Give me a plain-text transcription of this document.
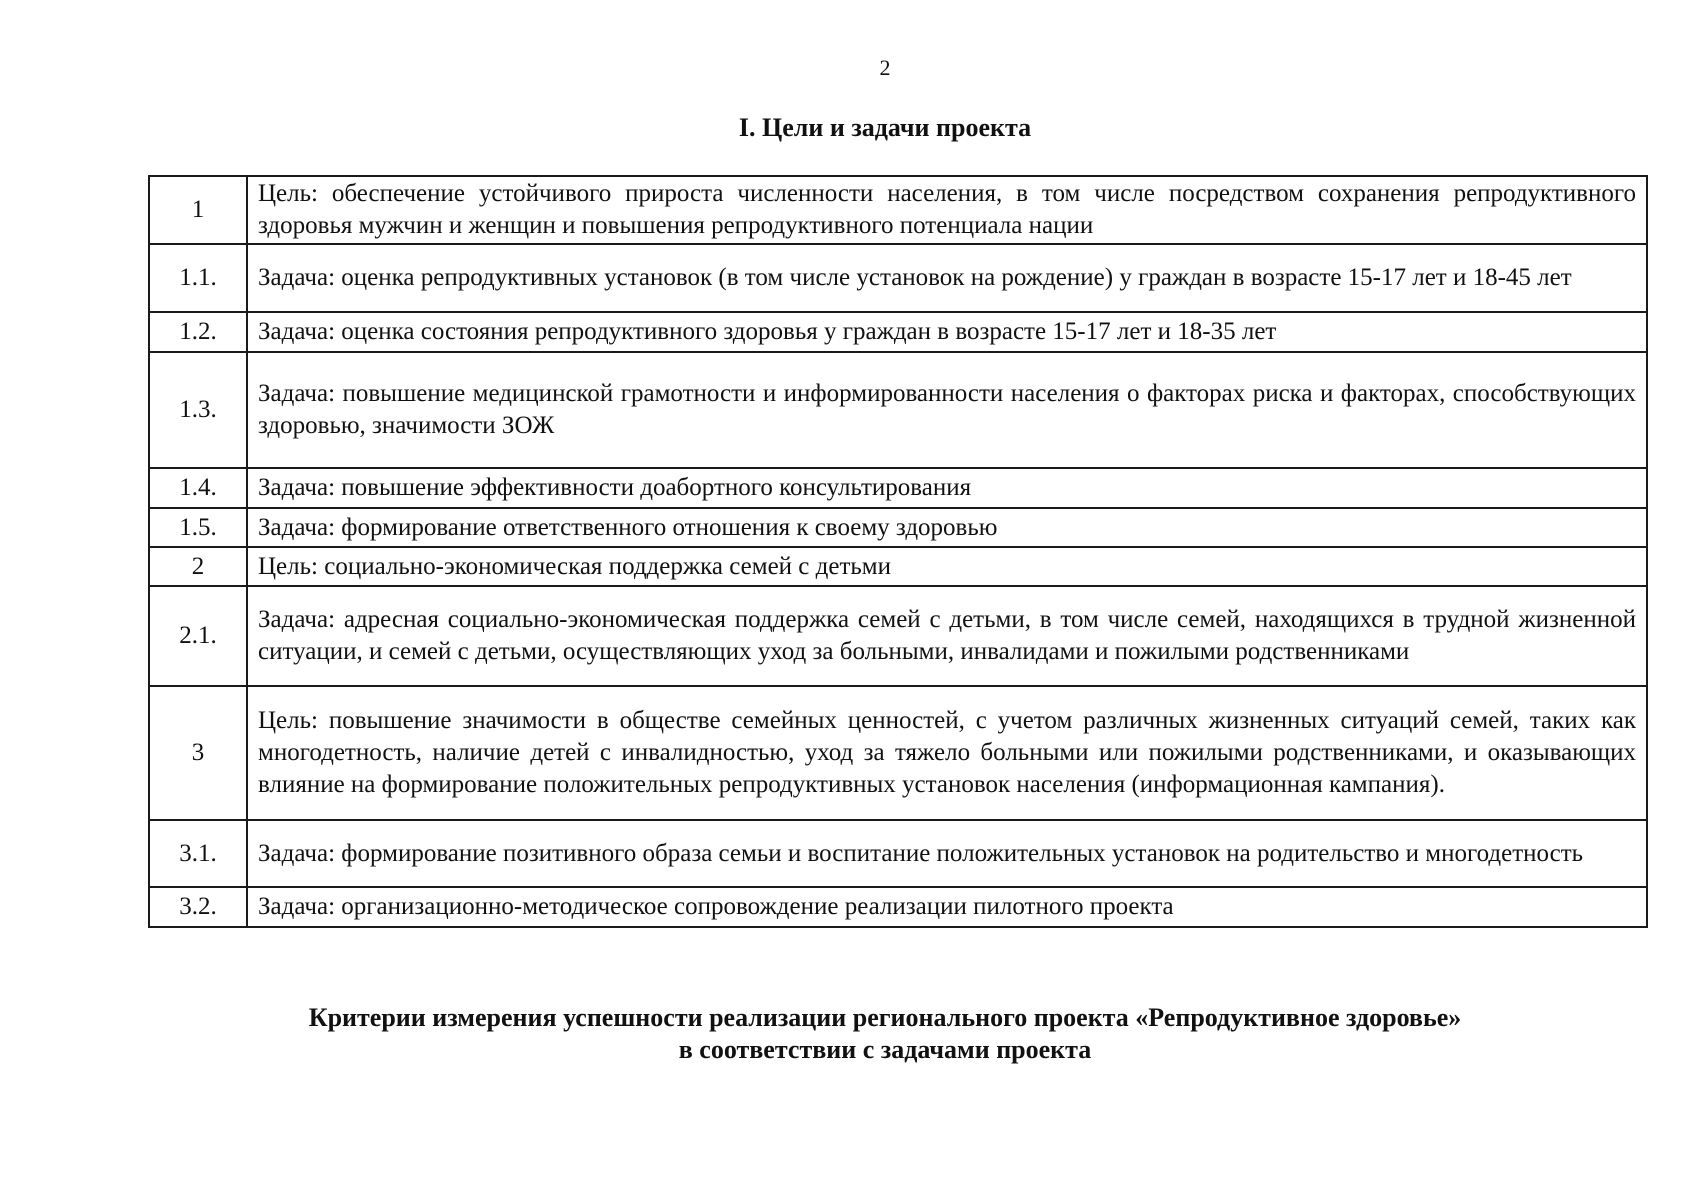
2
I. Цели и задачи проекта
1	Цель: обеспечение устойчивого прироста численности населения, в том числе посредством сохранения репродуктивного здоровья мужчин и женщин и повышения репродуктивного потенциала нации
1.1.	Задача: оценка репродуктивных установок (в том числе установок на рождение) у граждан в возрасте 15-17 лет и 18-45 лет
1.2.	Задача: оценка состояния репродуктивного здоровья у граждан в возрасте 15-17 лет и 18-35 лет
1.3.	Задача: повышение медицинской грамотности и информированности населения о факторах риска и факторах, способствующих здоровью, значимости ЗОЖ
1.4.	Задача: повышение эффективности доабортного консультирования
1.5.	Задача: формирование ответственного отношения к своему здоровью
2	Цель: социально-экономическая поддержка семей с детьми
2.1.	Задача: адресная социально-экономическая поддержка семей с детьми, в том числе семей, находящихся в трудной жизненной ситуации, и семей с детьми, осуществляющих уход за больными, инвалидами и пожилыми родственниками
3	Цель: повышение значимости в обществе семейных ценностей, с учетом различных жизненных ситуаций семей, таких как многодетность, наличие детей с инвалидностью, уход за тяжело больными или пожилыми родственниками, и оказывающих влияние на формирование положительных репродуктивных установок населения (информационная кампания).
3.1.	Задача: формирование позитивного образа семьи и воспитание положительных установок на родительство и многодетность
3.2.	Задача: организационно-методическое сопровождение реализации пилотного проекта
Критерии измерения успешности реализации регионального проекта «Репродуктивное здоровье»
в соответствии с задачами проекта
